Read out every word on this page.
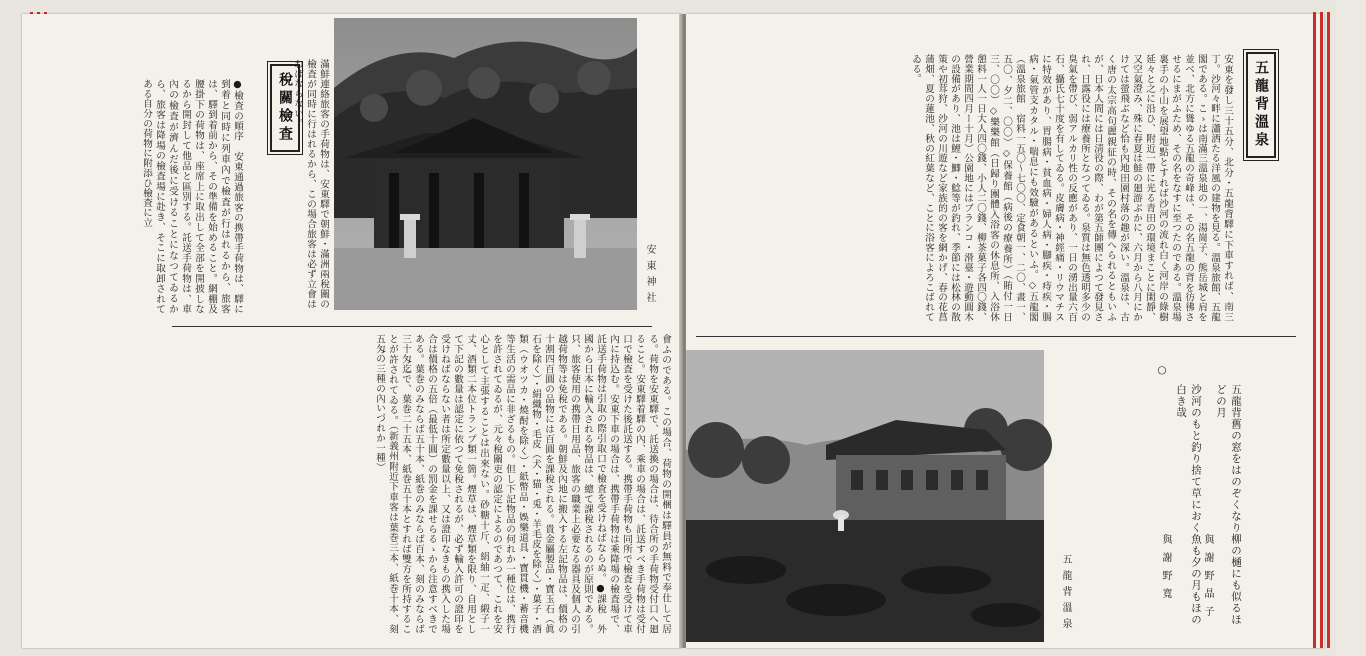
安東神社
稅關檢査	滿鮮連絡旅客の手荷物は、安東驛で朝鮮・滿洲兩稅關の檢査が同時に行はれるから、この場合旅客は必ず立會はねばならない。
●檢査の順序　安東通過旅客の携帶手荷物は、驛に到着と同時に列車內で檢査が行はれるから、旅客は、驛到着前から、その準備を始めること。網棚及腰掛下の荷物は、座席上に取出して全部を開披しなるから開封して他品と區別する。託送手荷物は、車內の檢査が濟んだ後に受けることになつてゐるから、旅客は降場の檢査場に赴き、そこに取卸されてある自分の荷物に附添ひ檢査に立
會ふのである。この場合、荷物の開梱は驛員が無料で奉仕して居る。荷物を安東驛で、託送換の場合は、待合所の手荷物受付口へ廻ること。安東驛着驛の內、乘車の場合は、託送すべき手荷物は受付口で檢査を受けた後託送する。携帶手荷物も同所で檢査を受けて車內に持込む。安東下車の場合は、携帶手荷物は乘降場の檢査場で、託送手荷物は引取の際引取口で檢査を受けねばならぬ。●課稅　外國から日本に輸入される物品は、總て課稅されるのが原則である。只、旅客使用の携帶日用品、旅客の職業上必要なる器具及個人の引越荷物等は免稅である。朝鮮及內地に搬入する左記物品は、價格の十割四百圓の品物には百圓を課稅される。貴金屬製品・寶玉石（眞石を除く）・絹織物・毛皮（犬・猫・兎・羊毛皮を除く）・菓子・酒類（ウオツカ・燒酎を除く）・紙幣品・娛樂道具・寶貫機・蓄音機等生活の需品に非ざるもの。但し下記物品の何れか一種位は、携行を許されてゐるが、元々稅關吏の認定によるのであつて、これを安心として主張することは出來ない。砂糖十斤、絹紬一疋、緞子一丈、酒類二本位トランプ類一箇。煙草は、煙草類を限り、自用として下記の數量は認定に依つて免稅されるが、必ず輸入許可の證印を受けねばならない者は所定數量以上、又は證印なきもの携入した場合は價格の五倍（最低十圓）の罰金を課せらるゝから注意すべきである。葉巻のみならば五十本、紙巻のみならば百本、刻のみならば三十匁迄で、葉巻二十五本、紙巻五十本とすれば雙方を所持することが許されてゐる。（新義州附近下車客は葉巻三本、紙巻十本、刻五匁の三種の內いづれか一種）
五龍背溫泉
安東を發し三十五分、北分・五龍背驛に下車すれば、南三丁。沙河々畔に瀟洒たる洋風の建物を見る。溫泉旅館、五龍閣である。こゝは南滿三溫泉地の一、湯崗子、熊岳城と肩を並べ、北方に聳ゆる五龍の奇峰は、その名五龍の背を彷彿させるにまがふため、その名をなすに至つたのである。溫泉場裏手の小山を展望地點とすれば沙河の流れ白く河岸の綠樹延々と之に沿ひ、附近一帶に光る青田の環境まことに閑靜、又空氣澄み、殊に春夏は鮭の廻游ぶかに、六月から八月にかけては螢飛ぶなど恰も內地田園村落の趣が深い。溫泉は、古く唐の太宗高句麗親征の時、その名を傳へられるともいふが、日本人間には日淸役の際、わが第五師團によつて發見され、日露役には療養所となつてゐる。泉質は無色透明多少の臭氣を帶び、弱アルカリ性の反應があり、一日の湧出量六百石、攝氏七十度を有してゐる。皮膚病・神經痛・リウマチスに特效があり、胃腸病・貧血病・婦人病・腳疾・痔疾・腸病・氣管支カタル・喘息にも效驗があるといふ。◇五龍閣（溫泉旅館　宿料一五〇〜七〇〇、定食朝一、二〇、晝一、五〇、夕二、〇〇）◇保養館（病後の療養所）（賄付一日三、〇〇）◇樂樂館（日歸り團體入浴客の休息所、入浴休憩料一人一日大人四〇錢、小人二〇錢、柳茶菓子各四〇錢、營業期間四月ー十月）公園地にはブランコ・滑臺・遊動圓木の設備があり、池は鯉・鯽・鯰等が釣れ、季節には松林の散策や初茸狩、沙河の川遊など家族的の客を網かげ、春の花菖蒲畑、夏の蓮池、秋の紅葉など、ことに浴客によろこばれてゐる。
五龍背溫泉
○
五龍背舊の窓をはのぞくなり柳の樋にも似るほどの月
與謝野晶子
沙河のもと釣り捨て草におく魚も夕の月もほの白き哉
與謝野寬
